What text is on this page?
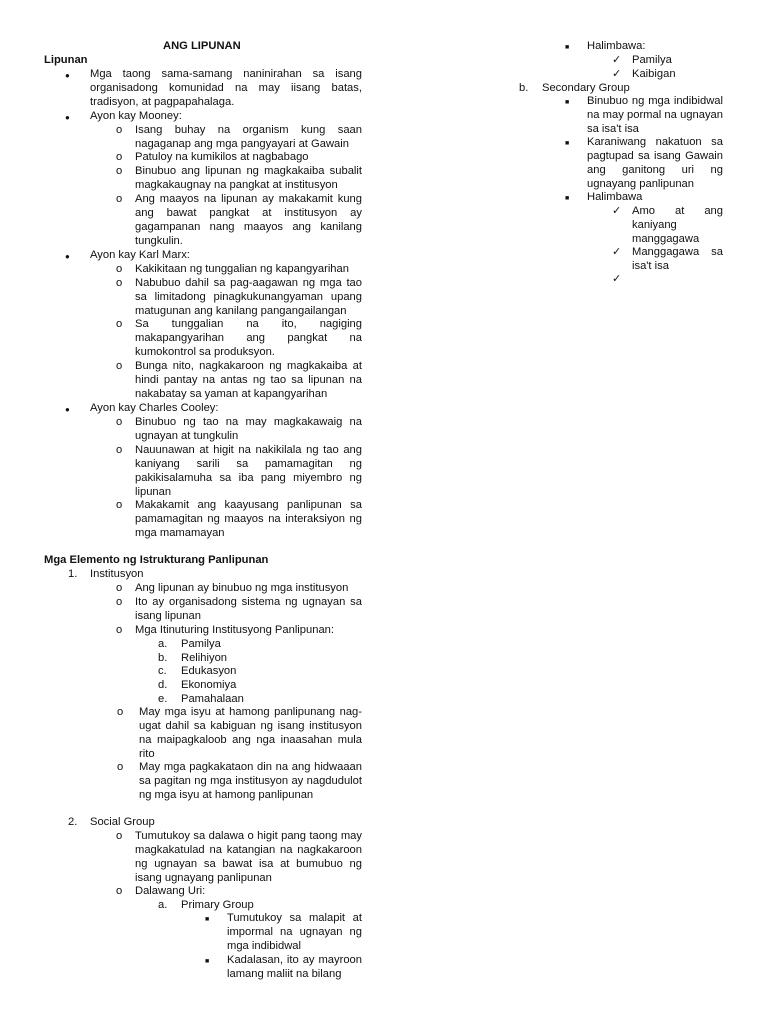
ANG LIPUNAN
Lipunan
● Mga taong sama-samang naninirahan sa isang organisadong komunidad na may iisang batas, tradisyon, at pagpapahalaga.
● Ayon kay Mooney:
o Isang buhay na organism kung saan nagaganap ang mga pangyayari at Gawain
o Patuloy na kumikilos at nagbabago
o Binubuo ang lipunan ng magkakaiba subalit magkakaugnay na pangkat at institusyon
o Ang maayos na lipunan ay makakamit kung ang bawat pangkat at institusyon ay gagampanan nang maayos ang kanilang tungkulin.
● Ayon kay Karl Marx:
o Kakikitaan ng tunggalian ng kapangyarihan
o Nabubuo dahil sa pag-aagawan ng mga tao sa limitadong pinagkukunangyaman upang matugunan ang kanilang pangangailangan
o Sa tunggalian na ito, nagiging makapangyarihan ang pangkat na kumokontrol sa produksyon.
o Bunga nito, nagkakaroon ng magkakaiba at hindi pantay na antas ng tao sa lipunan na nakabatay sa yaman at kapangyarihan
● Ayon kay Charles Cooley:
o Binubuo ng tao na may magkakawaig na ugnayan at tungkulin
o Nauunawan at higit na nakikilala ng tao ang kaniyang sarili sa pamamagitan ng pakikisalamuha sa iba pang miyembro ng lipunan
o Makakamit ang kaayusang panlipunan sa pamamagitan ng maayos na interaksiyon ng mga mamamayan
Mga Elemento ng Istrukturang Panlipunan
1. Institusyon
o Ang lipunan ay binubuo ng mga institusyon
o Ito ay organisadong sistema ng ugnayan sa isang lipunan
o Mga Itinuturing Institusyong Panlipunan:
a. Pamilya
b. Relihiyon
c. Edukasyon
d. Ekonomiya
e. Pamahalaan
o May mga isyu at hamong panlipunang nag-ugat dahil sa kabiguan ng isang institusyon na maipagkaloob ang nga inaasahan mula rito
o May mga pagkakataon din na ang hidwaaan sa pagitan ng mga institusyon ay nagdudulot ng mga isyu at hamong panlipunan
2. Social Group
o Tumutukoy sa dalawa o higit pang taong may magkakatulad na katangian na nagkakaroon ng ugnayan sa bawat isa at bumubuo ng isang ugnayang panlipunan
o Dalawang Uri:
a. Primary Group
■ Tumutukoy sa malapit at impormal na ugnayan ng mga indibidwal
■ Kadalasan, ito ay mayroon lamang maliit na bilang
■ Halimbawa:
✓ Pamilya
✓ Kaibigan
b. Secondary Group
■ Binubuo ng mga indibidwal na may pormal na ugnayan sa isa't isa
■ Karaniwang nakatuon sa pagtupad sa isang Gawain ang ganitong uri ng ugnayang panlipunan
■ Halimbawa
✓ Amo at ang kaniyang manggagawa
✓ Manggagawa sa isa't isa
✓
